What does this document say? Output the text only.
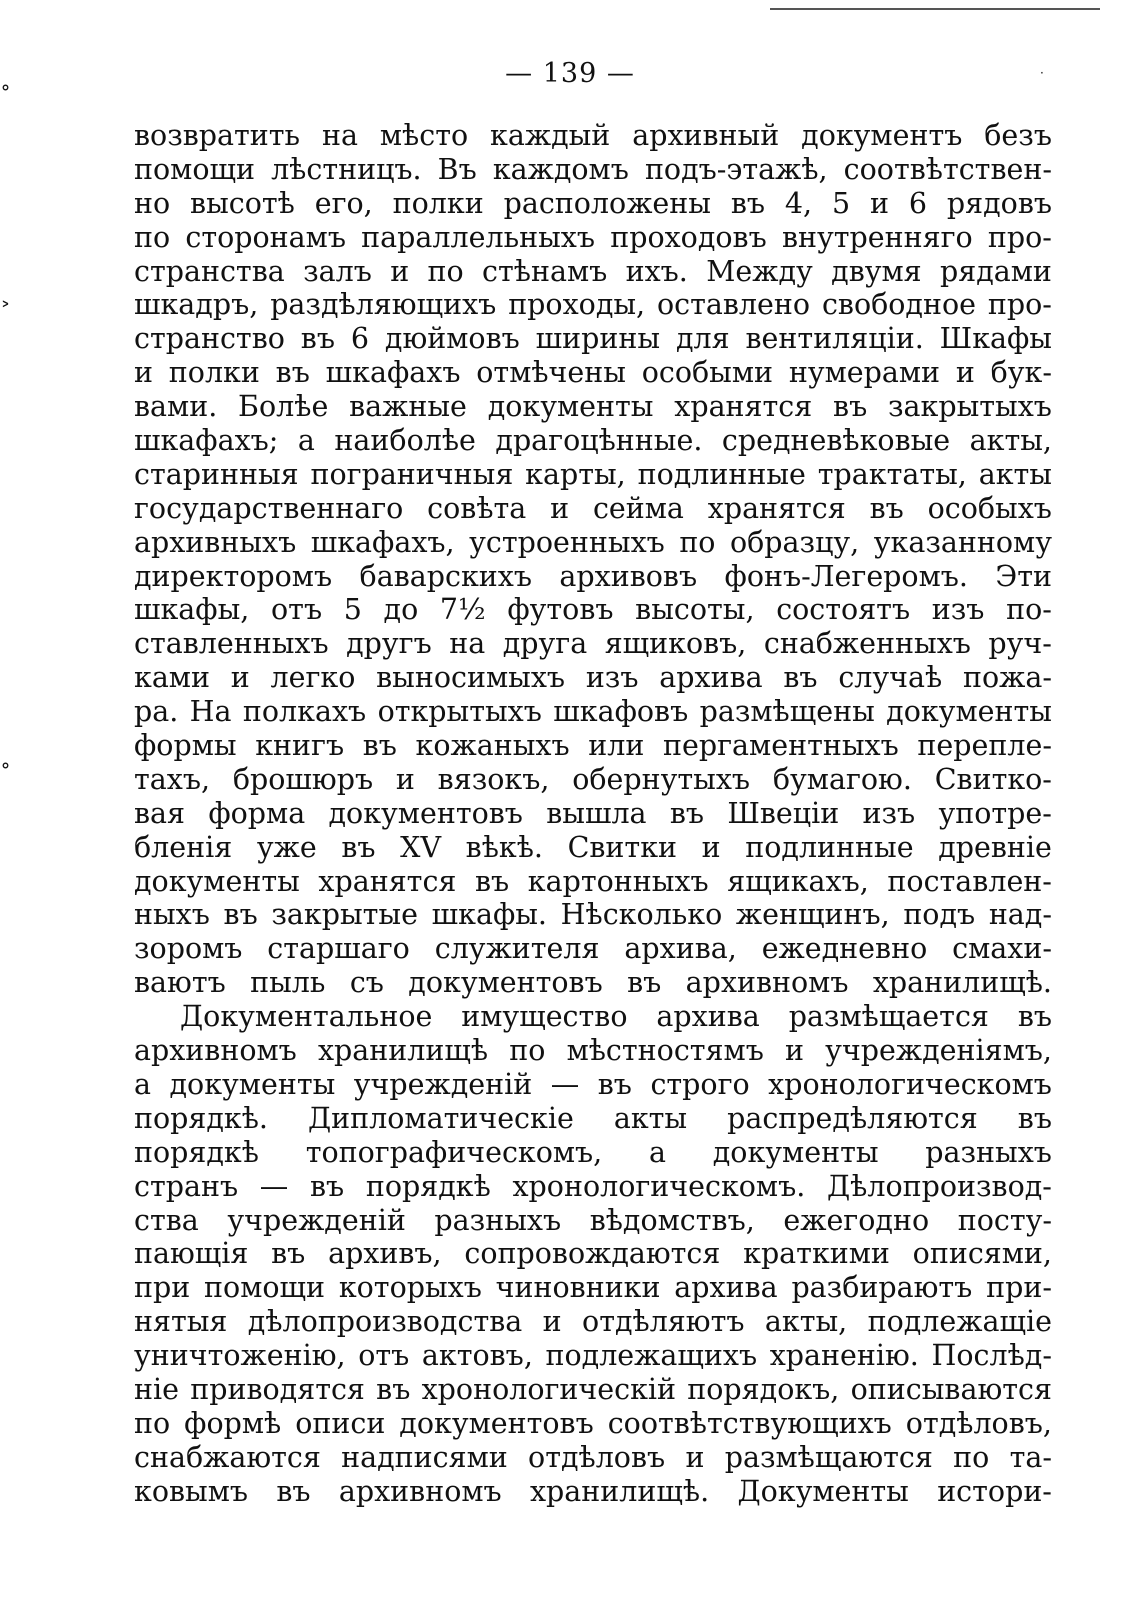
˳
˃
˳
·
— 139 —
возвратить на мѣсто каждый архивный документъ безъ
помощи лѣстницъ. Въ каждомъ подъ-этажѣ, соотвѣтствен-
но высотѣ его, полки расположены въ 4, 5 и 6 рядовъ
по сторонамъ параллельныхъ проходовъ внутренняго про-
странства залъ и по стѣнамъ ихъ. Между двумя рядами
шкадръ, раздѣляющихъ проходы, оставлено свободное про-
странство въ 6 дюймовъ ширины для вентиляціи. Шкафы
и полки въ шкафахъ отмѣчены особыми нумерами и бук-
вами. Болѣе важные документы хранятся въ закрытыхъ
шкафахъ; а наиболѣе драгоцѣнные. средневѣковые акты,
старинныя пограничныя карты, подлинные трактаты, акты
государственнаго совѣта и сейма хранятся въ особыхъ
архивныхъ шкафахъ, устроенныхъ по образцу, указанному
директоромъ баварскихъ архивовъ фонъ-Легеромъ. Эти
шкафы, отъ 5 до 7½ футовъ высоты, состоятъ изъ по-
ставленныхъ другъ на друга ящиковъ, снабженныхъ руч-
ками и легко выносимыхъ изъ архива въ случаѣ пожа-
ра. На полкахъ открытыхъ шкафовъ размѣщены документы
формы книгъ въ кожаныхъ или пергаментныхъ перепле-
тахъ, брошюръ и вязокъ, обернутыхъ бумагою. Свитко-
вая форма документовъ вышла въ Швеціи изъ употре-
бленія уже въ XV вѣкѣ. Свитки и подлинные древніе
документы хранятся въ картонныхъ ящикахъ, поставлен-
ныхъ въ закрытые шкафы. Нѣсколько женщинъ, подъ над-
зоромъ старшаго служителя архива, ежедневно смахи-
ваютъ пыль съ документовъ въ архивномъ хранилищѣ.
Документальное имущество архива размѣщается въ
архивномъ хранилищѣ по мѣстностямъ и учрежденіямъ,
а документы учрежденій — въ строго хронологическомъ
порядкѣ. Дипломатическіе акты распредѣляются въ
порядкѣ топографическомъ, а документы разныхъ
странъ — въ порядкѣ хронологическомъ. Дѣлопроизвод-
ства учрежденій разныхъ вѣдомствъ, ежегодно посту-
пающія въ архивъ, сопровождаются краткими описями,
при помощи которыхъ чиновники архива разбираютъ при-
нятыя дѣлопроизводства и отдѣляютъ акты, подлежащіе
уничтоженію, отъ актовъ, подлежащихъ храненію. Послѣд-
ніе приводятся въ хронологическій порядокъ, описываются
по формѣ описи документовъ соотвѣтствующихъ отдѣловъ,
снабжаются надписями отдѣловъ и размѣщаются по та-
ковымъ въ архивномъ хранилищѣ. Документы истори-
